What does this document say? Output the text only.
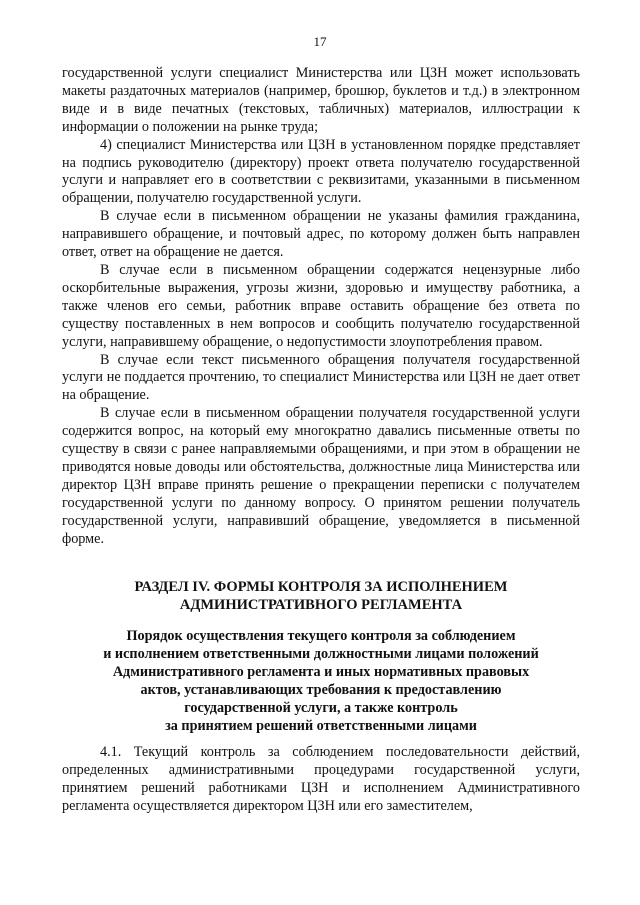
17

государственной услуги специалист Министерства или ЦЗН может использовать макеты раздаточных материалов (например, брошюр, буклетов и т.д.) в электронном виде и в виде печатных (текстовых, табличных) материалов, иллюстрации к информации о положении на рынке труда;

4) специалист Министерства или ЦЗН в установленном порядке представляет на подпись руководителю (директору) проект ответа получателю государственной услуги и направляет его в соответствии с реквизитами, указанными в письменном обращении, получателю государственной услуги.

В случае если в письменном обращении не указаны фамилия гражданина, направившего обращение, и почтовый адрес, по которому должен быть направлен ответ, ответ на обращение не дается.

В случае если в письменном обращении содержатся нецензурные либо оскорбительные выражения, угрозы жизни, здоровью и имуществу работника, а также членов его семьи, работник вправе оставить обращение без ответа по существу поставленных в нем вопросов и сообщить получателю государственной услуги, направившему обращение, о недопустимости злоупотребления правом.

В случае если текст письменного обращения получателя государственной услуги не поддается прочтению, то специалист Министерства или ЦЗН не дает ответ на обращение.

В случае если в письменном обращении получателя государственной услуги содержится вопрос, на который ему многократно давались письменные ответы по существу в связи с ранее направляемыми обращениями, и при этом в обращении не приводятся новые доводы или обстоятельства, должностные лица Министерства или директор ЦЗН вправе принять решение о прекращении переписки с получателем государственной услуги по данному вопросу. О принятом решении получатель государственной услуги, направивший обращение, уведомляется в письменной форме.

РАЗДЕЛ IV. ФОРМЫ КОНТРОЛЯ ЗА ИСПОЛНЕНИЕМ
АДМИНИСТРАТИВНОГО РЕГЛАМЕНТА
Порядок осуществления текущего контроля за соблюдением
и исполнением ответственными должностными лицами положений
Административного регламента и иных нормативных правовых
актов, устанавливающих требования к предоставлению
государственной услуги, а также контроль
за принятием решений ответственными лицами

4.1. Текущий контроль за соблюдением последовательности действий, определенных административными процедурами государственной услуги, принятием решений работниками ЦЗН и исполнением Административного регламента осуществляется директором ЦЗН или его заместителем,
